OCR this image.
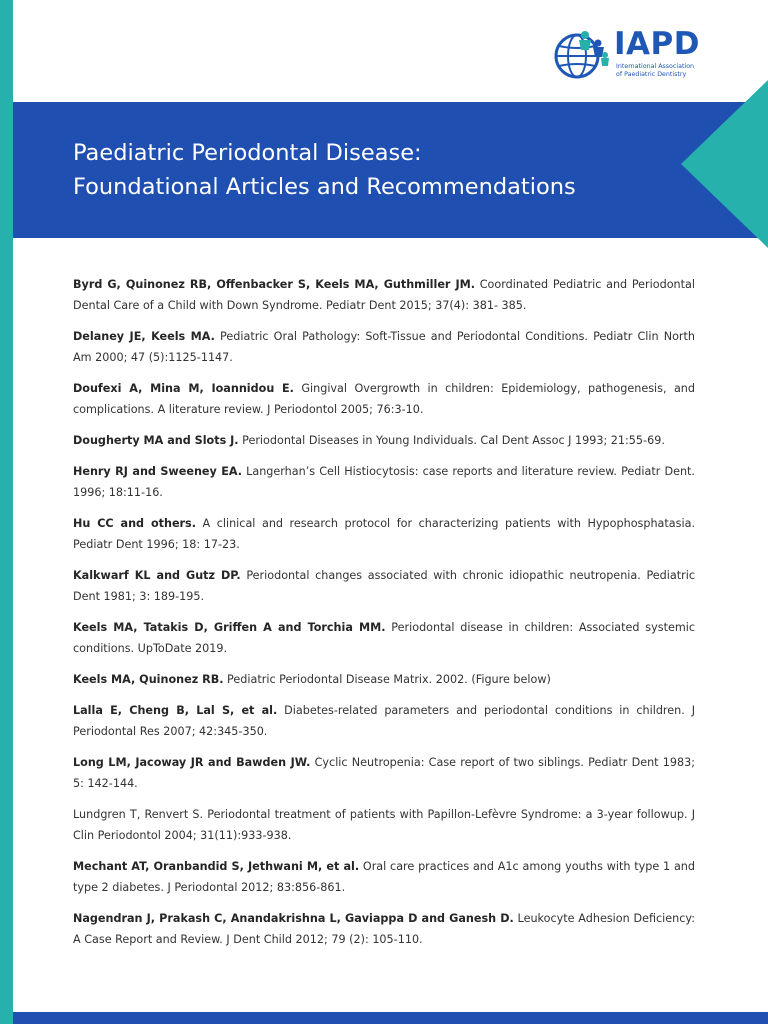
IAPD
International Association
of Paediatric Dentistry
Paediatric Periodontal Disease:
Foundational Articles and Recommendations

Byrd G, Quinonez RB, Offenbacker S, Keels MA, Guthmiller JM. Coordinated Pediatric and Periodontal Dental Care of a Child with Down Syndrome. Pediatr Dent 2015; 37(4): 381- 385.

Delaney JE, Keels MA. Pediatric Oral Pathology: Soft-Tissue and Periodontal Conditions. Pediatr Clin North Am 2000; 47 (5):1125-1147.

Doufexi A, Mina M, Ioannidou E. Gingival Overgrowth in children: Epidemiology, pathogenesis, and complications. A literature review. J Periodontol 2005; 76:3-10.

Dougherty MA and Slots J. Periodontal Diseases in Young Individuals. Cal Dent Assoc J 1993; 21:55-69.

Henry RJ and Sweeney EA. Langerhan’s Cell Histiocytosis: case reports and literature review. Pediatr Dent. 1996; 18:11-16.

Hu CC and others. A clinical and research protocol for characterizing patients with Hypophosphatasia. Pediatr Dent 1996; 18: 17-23.

Kalkwarf KL and Gutz DP. Periodontal changes associated with chronic idiopathic neutropenia. Pediatric Dent 1981; 3: 189-195.

Keels MA, Tatakis D, Griffen A and Torchia MM. Periodontal disease in children: Associated systemic conditions. UpToDate 2019.

Keels MA, Quinonez RB. Pediatric Periodontal Disease Matrix. 2002. (Figure below)

Lalla E, Cheng B, Lal S, et al. Diabetes-related parameters and periodontal conditions in children. J Periodontal Res 2007; 42:345-350.

Long LM, Jacoway JR and Bawden JW. Cyclic Neutropenia: Case report of two siblings. Pediatr Dent 1983; 5: 142-144.

Lundgren T, Renvert S. Periodontal treatment of patients with Papillon-Lefèvre Syndrome: a 3-year followup. J Clin Periodontol 2004; 31(11):933-938.

Mechant AT, Oranbandid S, Jethwani M, et al. Oral care practices and A1c among youths with type 1 and type 2 diabetes. J Periodontal 2012; 83:856-861.

Nagendran J, Prakash C, Anandakrishna L, Gaviappa D and Ganesh D. Leukocyte Adhesion Deficiency: A Case Report and Review. J Dent Child 2012; 79 (2): 105-110.
